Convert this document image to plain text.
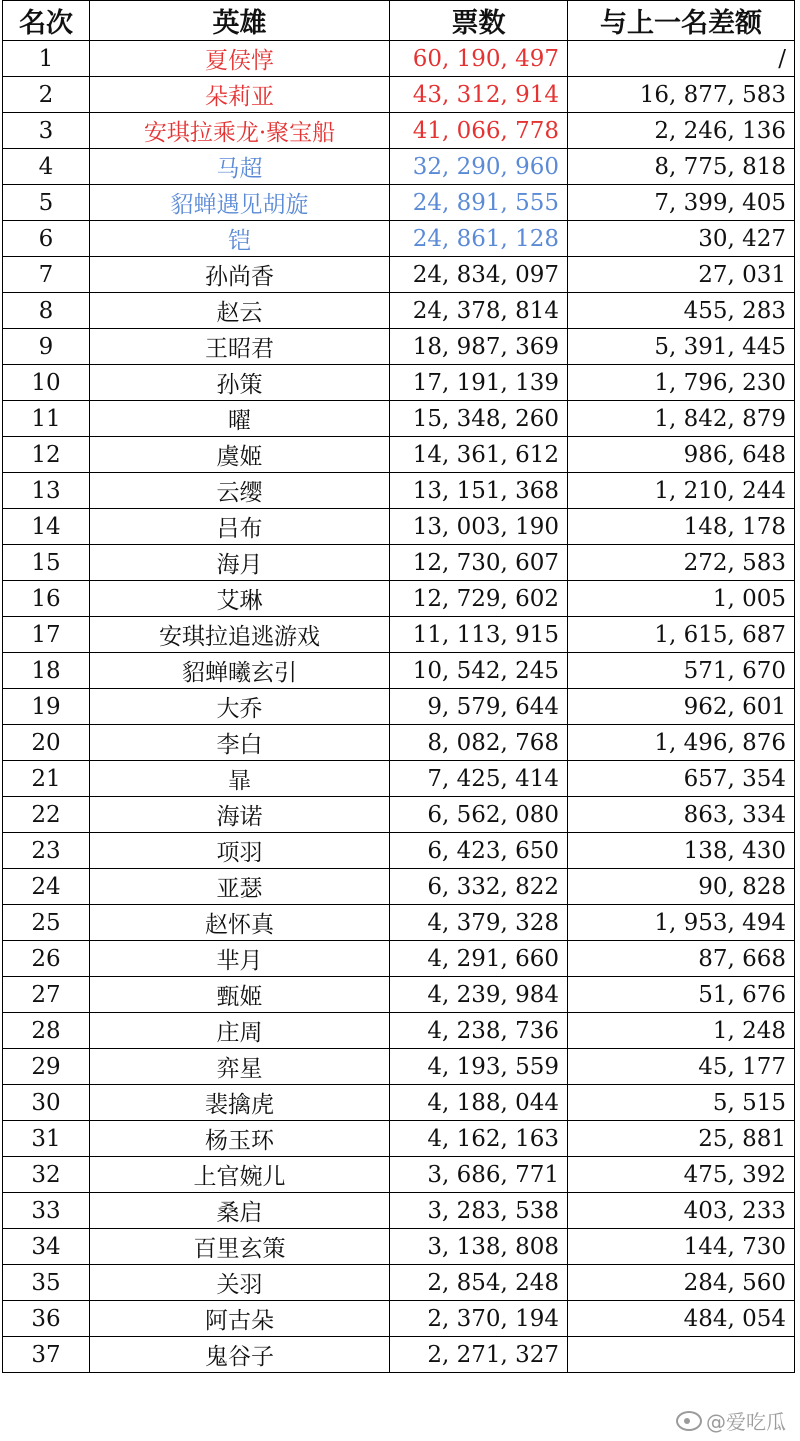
名次	英雄	票数	与上一名差额
1	夏侯惇	60, 190, 497	/
2	朵莉亚	43, 312, 914	16, 877, 583
3	安琪拉乘龙·聚宝船	41, 066, 778	2, 246, 136
4	马超	32, 290, 960	8, 775, 818
5	貂蝉遇见胡旋	24, 891, 555	7, 399, 405
6	铠	24, 861, 128	30, 427
7	孙尚香	24, 834, 097	27, 031
8	赵云	24, 378, 814	455, 283
9	王昭君	18, 987, 369	5, 391, 445
10	孙策	17, 191, 139	1, 796, 230
11	曜	15, 348, 260	1, 842, 879
12	虞姬	14, 361, 612	986, 648
13	云缨	13, 151, 368	1, 210, 244
14	吕布	13, 003, 190	148, 178
15	海月	12, 730, 607	272, 583
16	艾琳	12, 729, 602	1, 005
17	安琪拉追逃游戏	11, 113, 915	1, 615, 687
18	貂蝉曦玄引	10, 542, 245	571, 670
19	大乔	9, 579, 644	962, 601
20	李白	8, 082, 768	1, 496, 876
21	暃	7, 425, 414	657, 354
22	海诺	6, 562, 080	863, 334
23	项羽	6, 423, 650	138, 430
24	亚瑟	6, 332, 822	90, 828
25	赵怀真	4, 379, 328	1, 953, 494
26	芈月	4, 291, 660	87, 668
27	甄姬	4, 239, 984	51, 676
28	庄周	4, 238, 736	1, 248
29	弈星	4, 193, 559	45, 177
30	裴擒虎	4, 188, 044	5, 515
31	杨玉环	4, 162, 163	25, 881
32	上官婉儿	3, 686, 771	475, 392
33	桑启	3, 283, 538	403, 233
34	百里玄策	3, 138, 808	144, 730
35	关羽	2, 854, 248	284, 560
36	阿古朵	2, 370, 194	484, 054
37	鬼谷子	2, 271, 327	
@爱吃瓜
